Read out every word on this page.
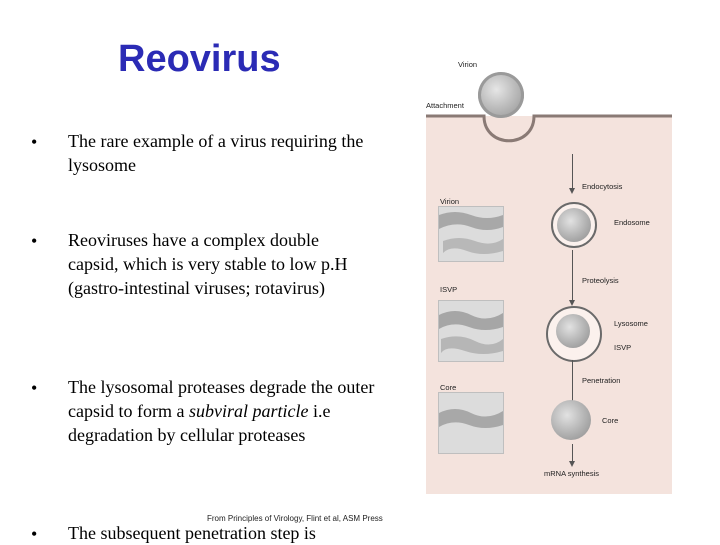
Reovirus
• The rare example of a virus requiring the lysosome
• Reoviruses have a complex double capsid, which is very stable to low p.H (gastro-intestinal viruses; rotavirus)
• The lysosomal proteases degrade the outer capsid to form a subviral particle i.e degradation by cellular proteases
• The subsequent penetration step is
From Principles of Virology, Flint et al, ASM Press
Virion
Attachment
Endocytosis
Endosome
Virion
Proteolysis
Lysosome
ISVP
ISVP
Penetration
Core
Core
mRNA synthesis
